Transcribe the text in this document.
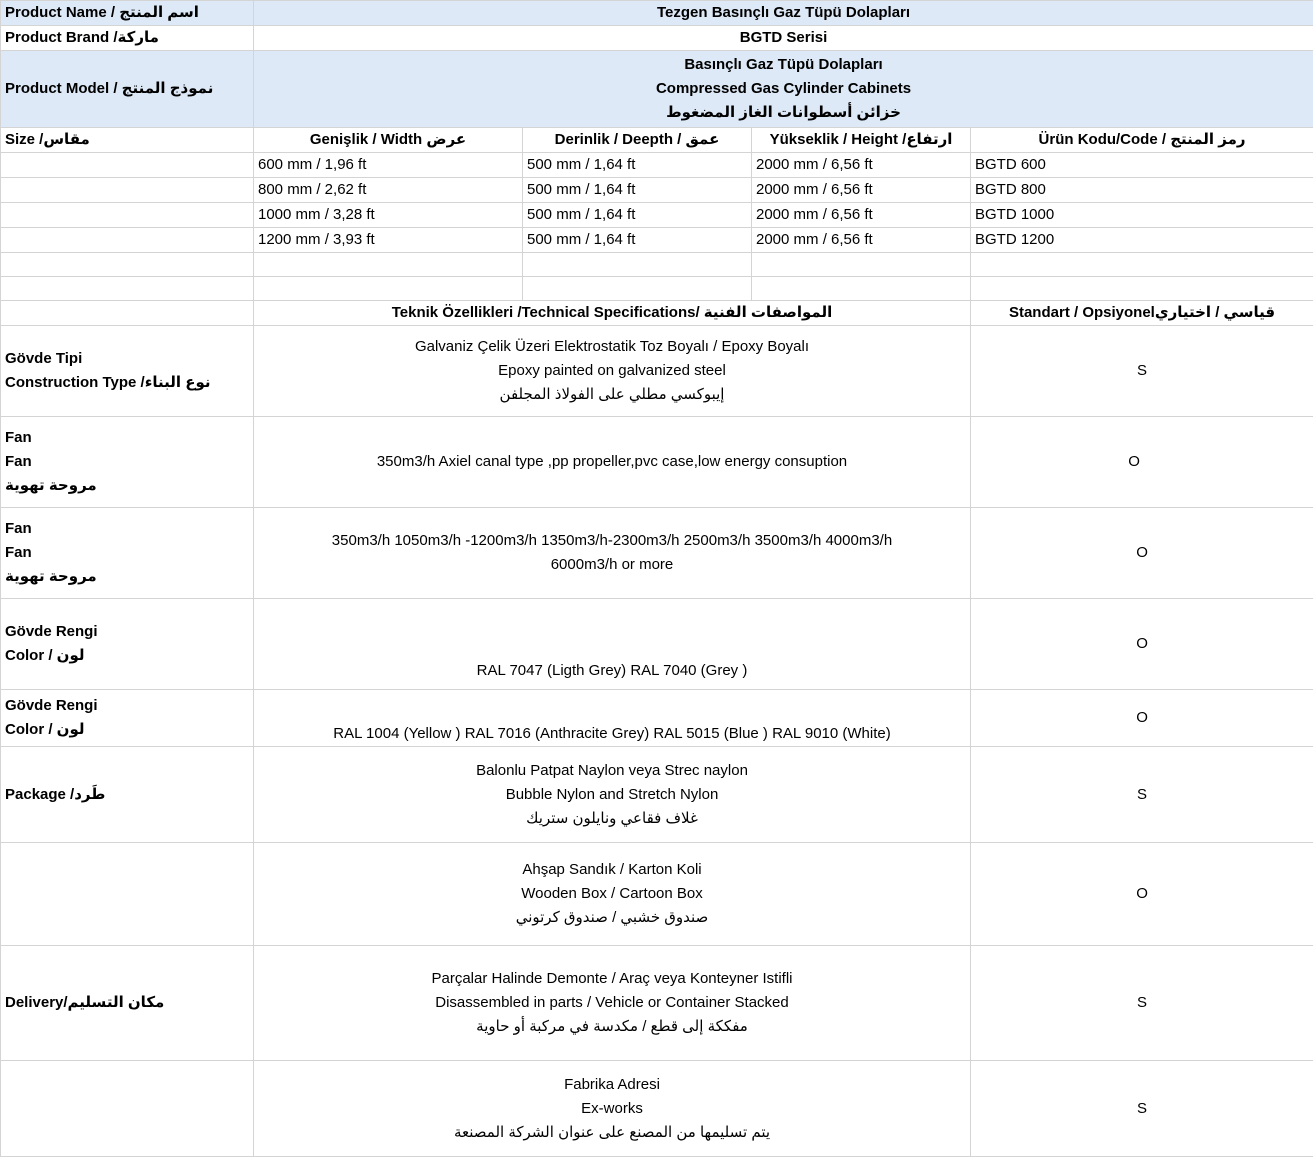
Product Name / اسم المنتج	Tezgen Basınçlı Gaz Tüpü Dolapları			
Product Brand /ماركة	BGTD Serisi			
Product Model / نموذج المنتج	Basınçlı Gaz Tüpü Dolapları
Compressed Gas Cylinder Cabinets
خزائن أسطوانات الغاز المضغوط			

Size /مقاس	Genişlik / Width عرض	Derinlik / Deepth / عمق	Yükseklik / Height /ارتفاع	Ürün Kodu/Code / رمز المنتج
	600 mm / 1,96 ft	500 mm / 1,64 ft	2000 mm / 6,56 ft	BGTD 600
	800 mm / 2,62 ft	500 mm / 1,64 ft	2000 mm / 6,56 ft	BGTD 800
	1000 mm / 3,28 ft	500 mm / 1,64 ft	2000 mm / 6,56 ft	BGTD 1000
	1200 mm / 3,93 ft	500 mm / 1,64 ft	2000 mm / 6,56 ft	BGTD 1200

	Teknik Özellikleri /Technical Specifications/ المواصفات الفنية			Standart / Opsiyonelقياسي / اختياري

Gövde Tipi
Construction Type /نوع البناء	Galvaniz Çelik Üzeri Elektrostatik Toz Boyalı / Epoxy Boyalı
Epoxy painted on galvanized steel
إيبوكسي مطلي على الفولاذ المجلفن			S

Fan
Fan
مروحة تهوية	350m3/h Axiel canal type ,pp propeller,pvc case,low energy consuption			O

Fan
Fan
مروحة تهوية	350m3/h 1050m3/h -1200m3/h 1350m3/h-2300m3/h 2500m3/h 3500m3/h 4000m3/h
6000m3/h or more			O

Gövde Rengi
Color / لون	RAL 7047 (Ligth Grey) RAL 7040 (Grey )			O

Gövde Rengi
Color / لون	RAL 1004 (Yellow ) RAL 7016 (Anthracite Grey) RAL 5015 (Blue ) RAL 9010 (White)			O
Package /طَرد	Balonlu Patpat Naylon veya Strec naylon
Bubble Nylon and Stretch Nylon
غلاف فقاعي ونايلون ستريك			S

	Ahşap Sandık / Karton Koli
Wooden Box / Cartoon Box
صندوق خشبي / صندوق كرتوني			O
Delivery/مكان التسليم	Parçalar Halinde Demonte / Araç veya Konteyner Istifli
Disassembled in parts / Vehicle or Container Stacked
مفككة إلى قطع / مكدسة في مركبة أو حاوية			S

	Fabrika Adresi
Ex-works
يتم تسليمها من المصنع على عنوان الشركة المصنعة			S
